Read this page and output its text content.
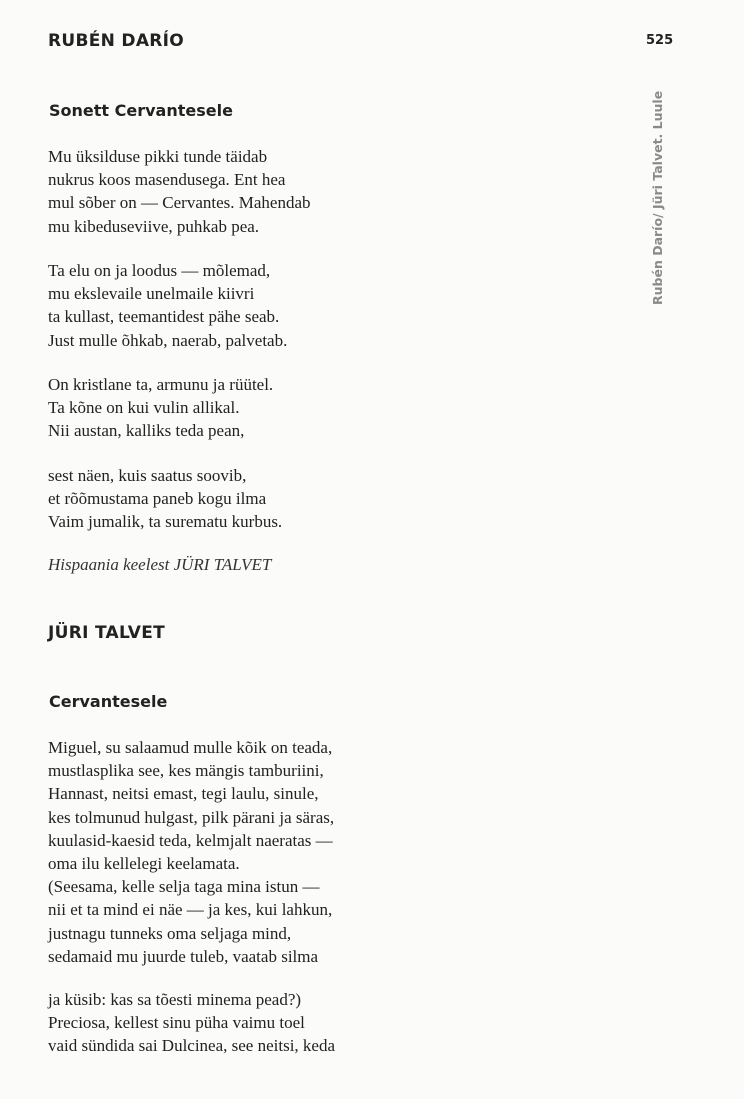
525
Rubén Darío/ Jüri Talvet. Luule
RUBÉN DARÍO
Sonett Cervantesele
Mu üksilduse pikki tunde täidab
nukrus koos masendusega. Ent hea
mul sõber on — Cervantes. Mahendab
mu kibeduseviive, puhkab pea.
Ta elu on ja loodus — mõlemad,
mu ekslevaile unelmaile kiivri
ta kullast, teemantidest pähe seab.
Just mulle õhkab, naerab, palvetab.
On kristlane ta, armunu ja rüütel.
Ta kõne on kui vulin allikal.
Nii austan, kalliks teda pean,
sest näen, kuis saatus soovib,
et rõõmustama paneb kogu ilma
Vaim jumalik, ta surematu kurbus.

Hispaania keelest JÜRI TALVET

JÜRI TALVET
Cervantesele
Miguel, su salaamud mulle kõik on teada,
mustlasplika see, kes mängis tamburiini,
Hannast, neitsi emast, tegi laulu, sinule,
kes tolmunud hulgast, pilk pärani ja säras,
kuulasid-kaesid teda, kelmjalt naeratas —
oma ilu kellelegi keelamata.
(Seesama, kelle selja taga mina istun —
nii et ta mind ei näe — ja kes, kui lahkun,
justnagu tunneks oma seljaga mind,
sedamaid mu juurde tuleb, vaatab silma
ja küsib: kas sa tõesti minema pead?)
Preciosa, kellest sinu püha vaimu toel
vaid sündida sai Dulcinea, see neitsi, keda
